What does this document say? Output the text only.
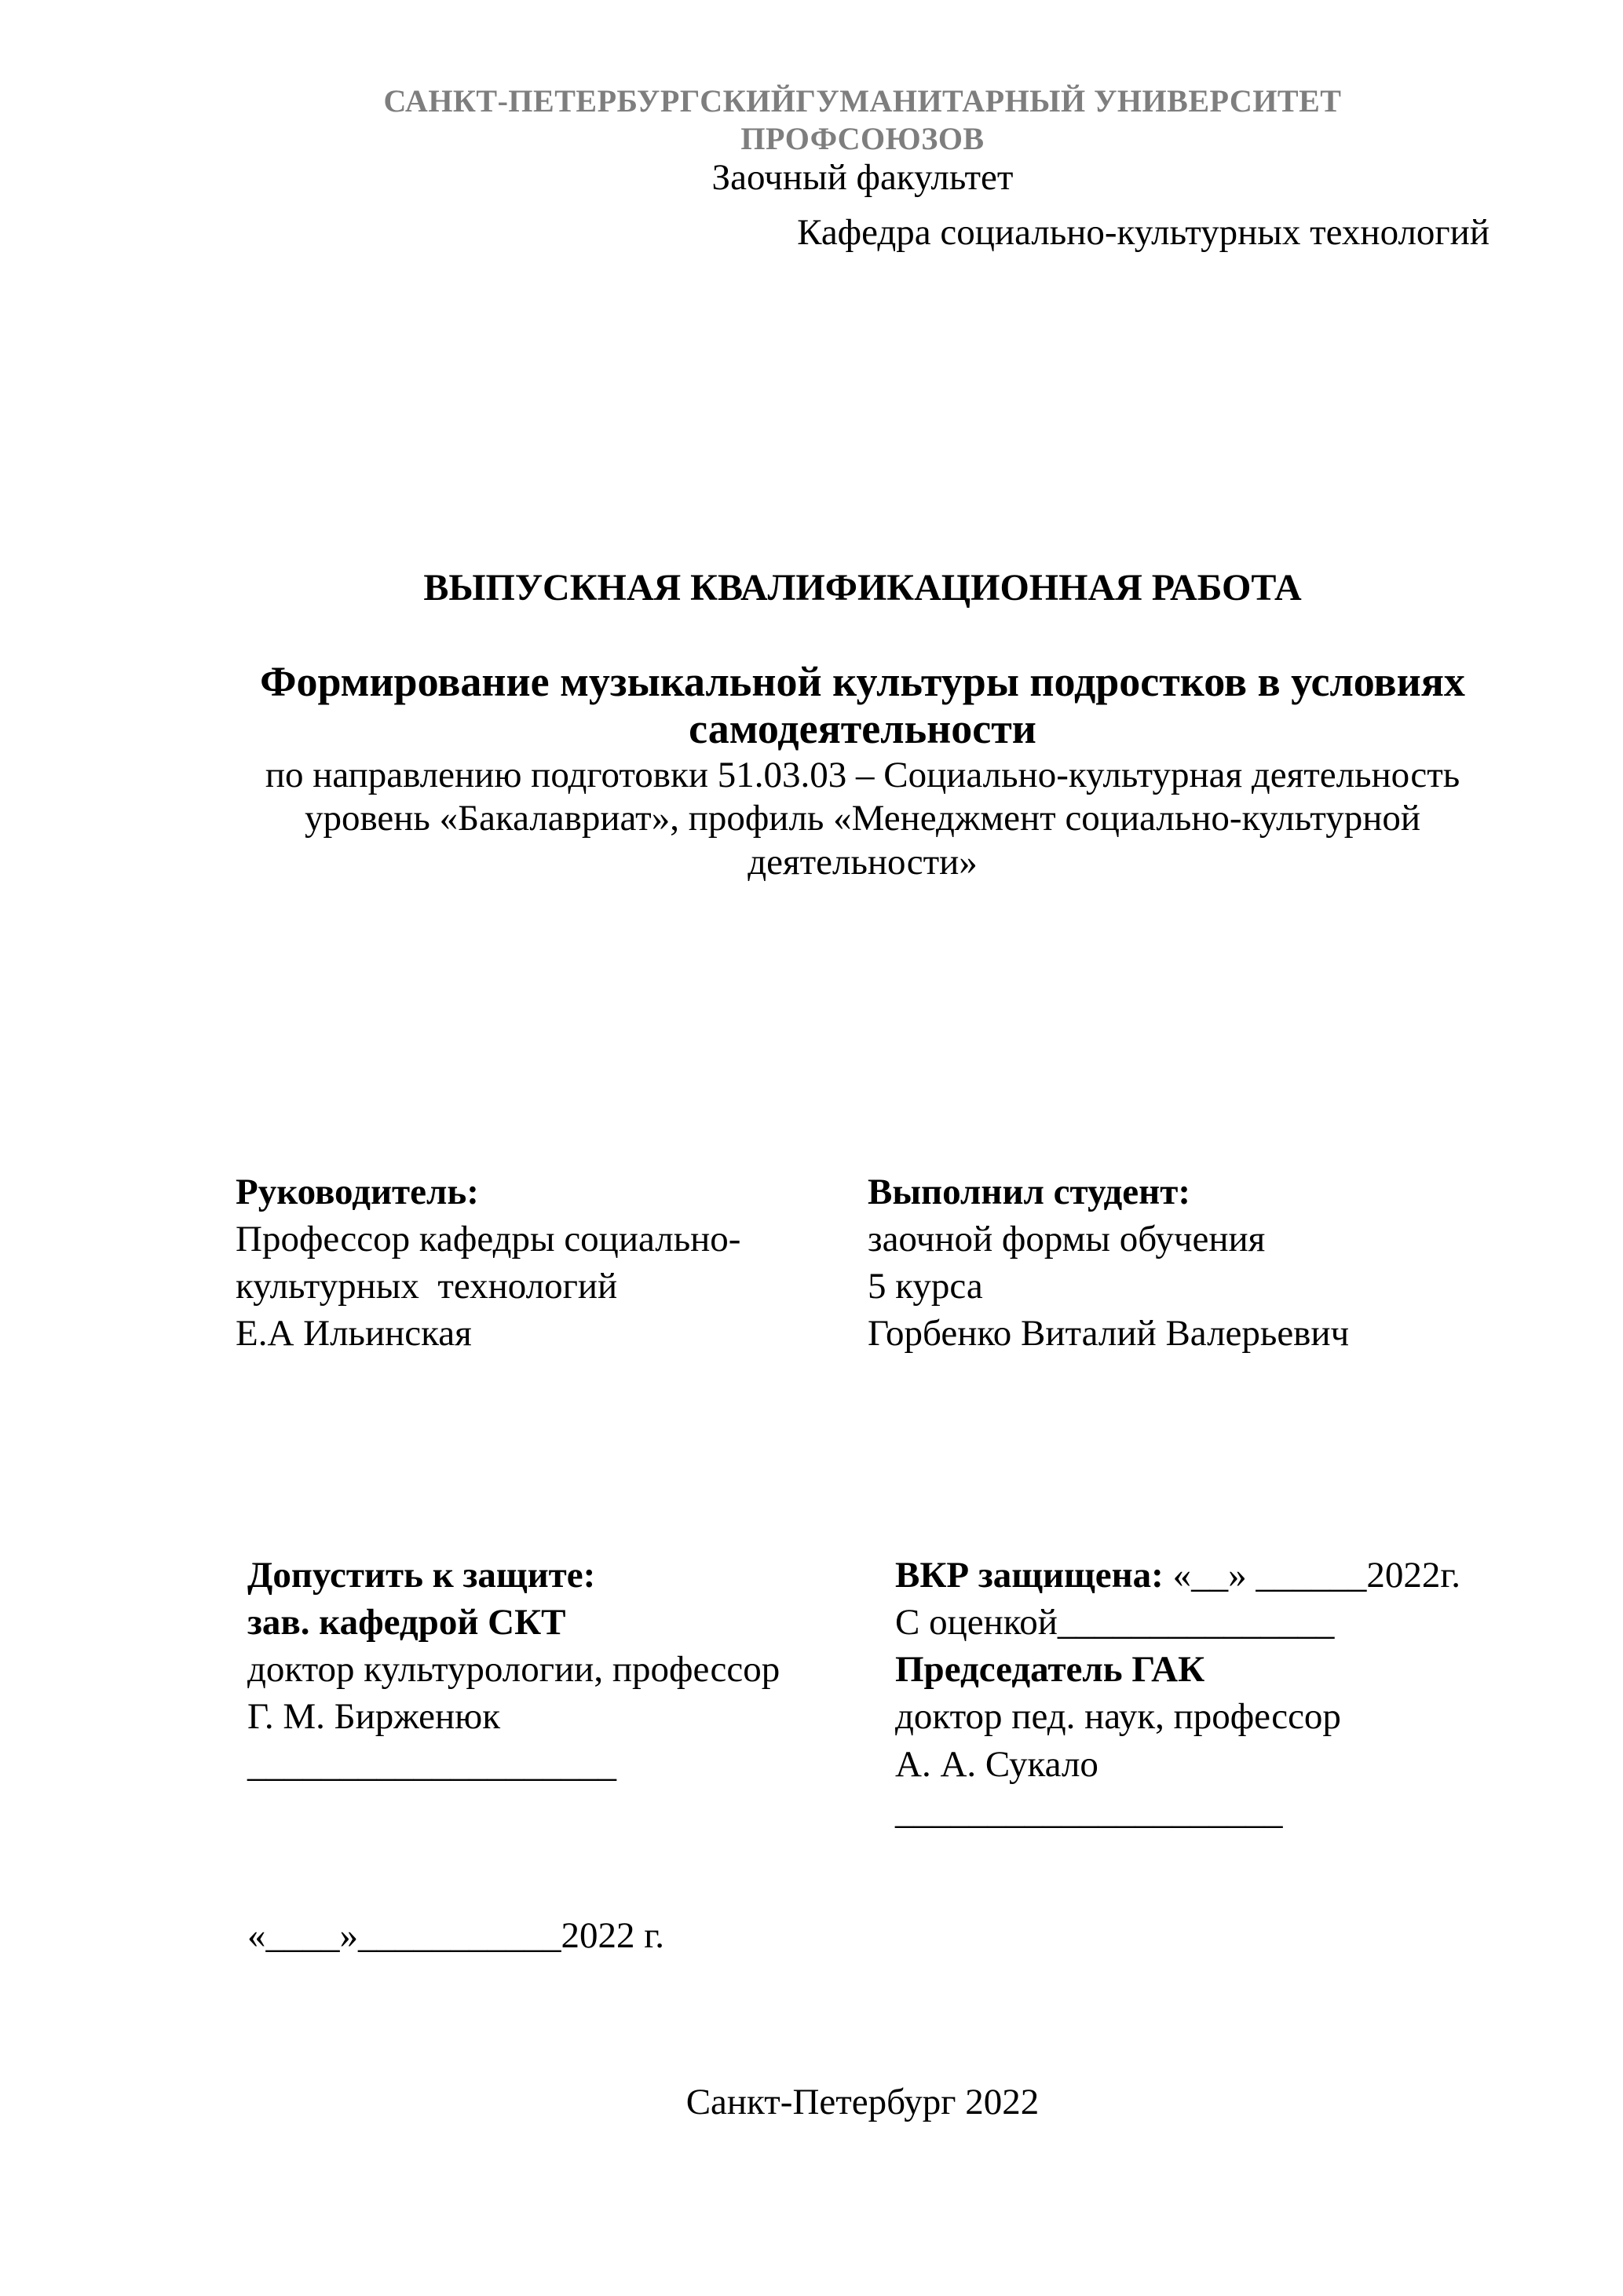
САНКТ-ПЕТЕРБУРГСКИЙГУМАНИТАРНЫЙ УНИВЕРСИТЕТ
ПРОФСОЮЗОВ
Заочный факультет
Кафедра социально-культурных технологий
ВЫПУСКНАЯ КВАЛИФИКАЦИОННАЯ РАБОТА
Формирование музыкальной культуры подростков в условиях
самодеятельности
по направлению подготовки 51.03.03 – Социально-культурная деятельность
уровень «Бакалавриат», профиль «Менеджмент социально-культурной
деятельности»
Руководитель:
Профессор кафедры социально-
культурных  технологий
Е.А Ильинская
Выполнил студент:
заочной формы обучения
5 курса
Горбенко Виталий Валерьевич
Допустить к защите:
зав. кафедрой СКТ
доктор культурологии, профессор
Г. М. Бирженюк
____________________
ВКР защищена: «__» ______2022г.
С оценкой_______________
Председатель ГАК
доктор пед. наук, профессор
А. А. Сукало
_____________________
«____»___________2022 г.
Санкт-Петербург 2022
